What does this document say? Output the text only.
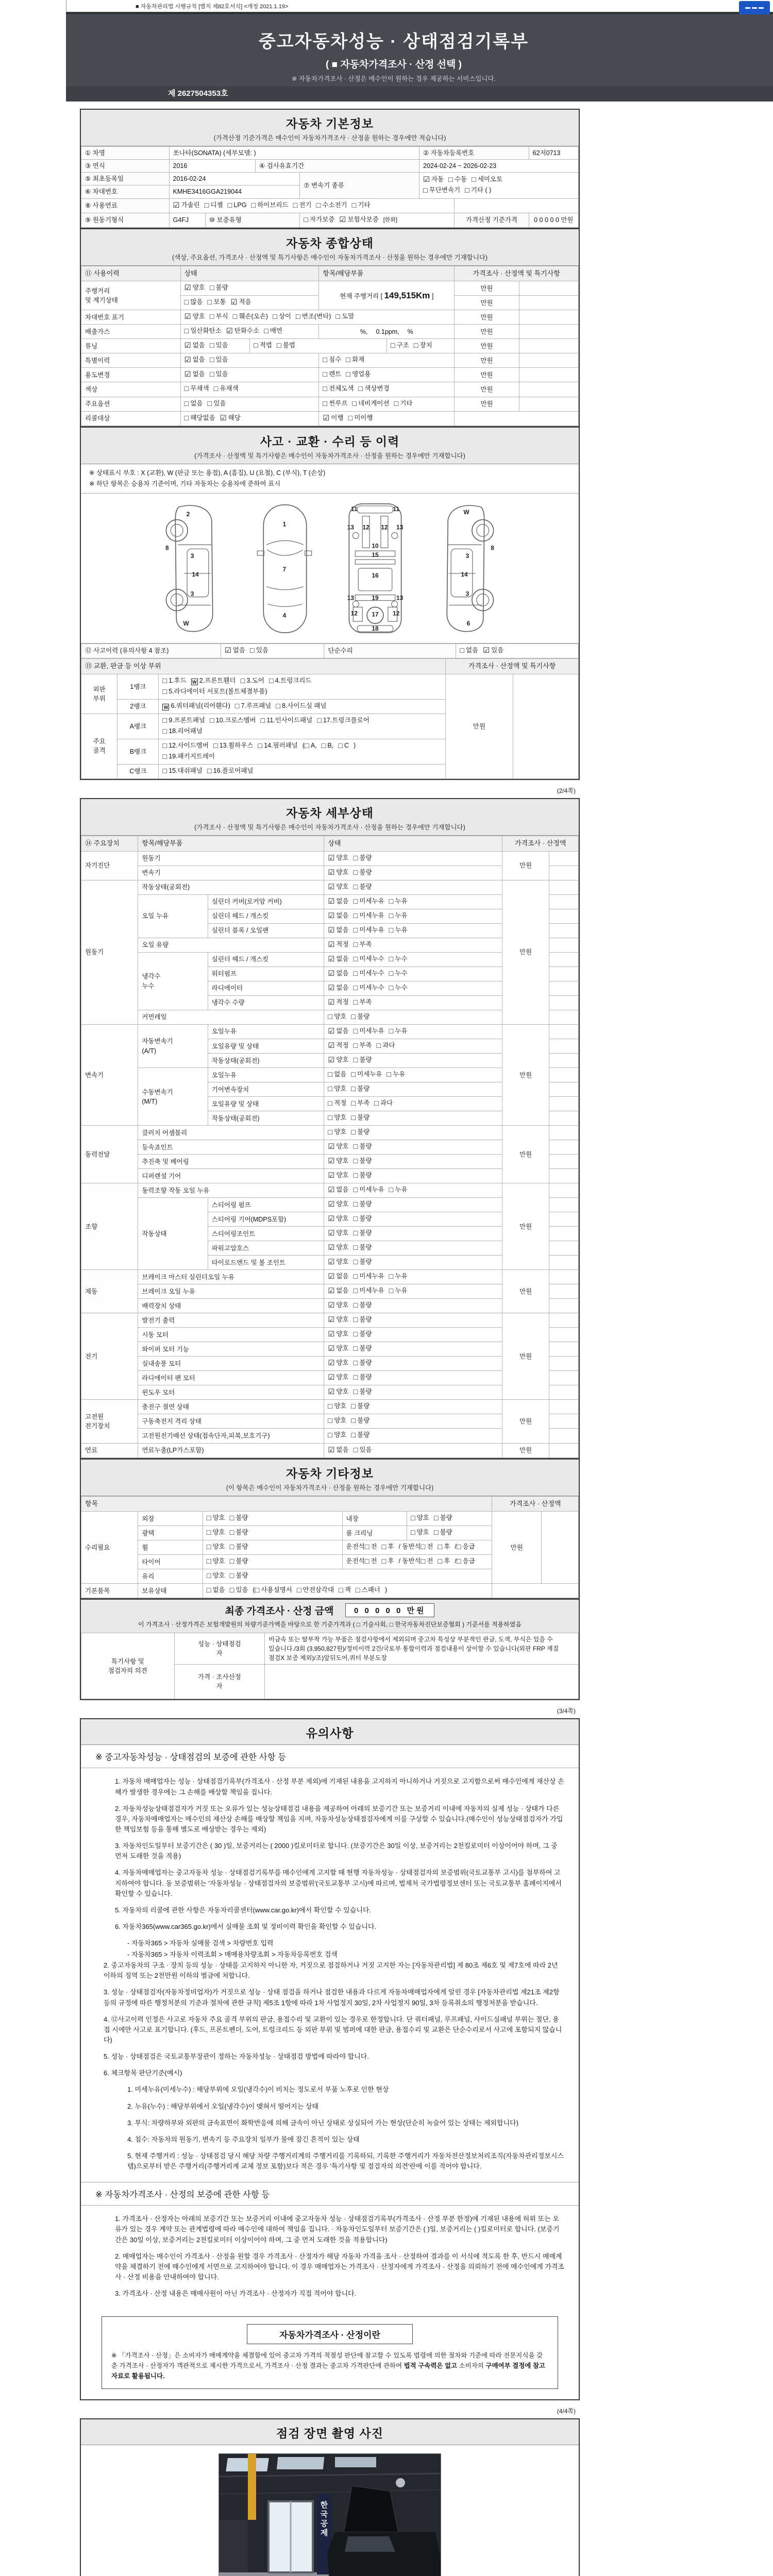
■ 자동차관리법 시행규칙 [별지 제82호서식] <개정 2021.1.19>
중고자동차성능 · 상태점검기록부
( ■ 자동차가격조사 · 산정 선택 )
※ 자동차가격조사 · 산정은 매수인이 원하는 경우 제공하는 서비스입니다.
제 2627504353호
자동차 기본정보
(가격산정 기준가격은 매수인이 자동차가격조사 · 산정을 원하는 경우에만 적습니다)
① 차명	쏘나타(SONATA) (세부모델: )				② 자동차등록번호		62저0713
③ 연식	2016		④ 검사유효기간		2024-02-24 ~ 2026-02-23		
⑤ 최초등록일	2016-02-24			⑦ 변속기 종류	☑ 자동 □ 수동 □ 세미오토
□ 무단변속기 □ 기타 ( )		
⑥ 차대번호	KMHE3416GGA219044						
⑧ 사용연료	☑ 가솔린 □ 디젤 □ LPG □ 하이브리드 □ 전기 □ 수소전기 □ 기타						
⑨ 원동기형식	G4FJ	⑩ 보증유형		□ 자가보증 ☑ 보험사보증 [한화]		가격산정 기준가격	0 0 0 0 0 만원
자동차 종합상태
(색상, 주요옵션, 가격조사 · 산정액 및 특기사항은 매수인이 자동차가격조사 · 산정을 원하는 경우에만 기재합니다)
⑪ 사용이력	상태		항목/해당부품		가격조사 · 산정액 및 특기사항	
주행거리
및 계기상태	☑ 양호 □ 불량		현재 주행거리 [ 149,515Km ]		만원	
	□ 많음 □ 보통 ☑ 적음				만원	
차대번호 표기	☑ 양호 □ 부식 □ 훼손(오손) □ 상이 □ 변조(변타) □ 도말				만원	
배출가스	□ 일산화탄소 ☑ 탄화수소 □ 매연		%,  0.1ppm,  %		만원	
튜닝	☑ 없음 □ 있음	□ 적법 □ 불법		□ 구조 □ 장치	만원	
특별이력	☑ 없음 □ 있음		□ 침수 □ 화재		만원	
용도변경	☑ 없음 □ 있음		□ 렌트 □ 영업용		만원	
색상	□ 무채색 □ 유채색		□ 전체도색 □ 색상변경		만원	
주요옵션	□ 없음 □ 있음		□ 썬루프 □ 네비게이션 □ 기타		만원	
리콜대상	□ 해당없음 ☑ 해당		☑ 이행 □ 미이행			
사고 · 교환 · 수리 등 이력
(가격조사 · 산정액 및 특기사항은 매수인이 자동차가격조사 · 산정을 원하는 경우에만 기재합니다)
※ 상태표시 부호 : X (교환), W (판금 또는 용접), A (흠집), U (요철), C (부식), T (손상)
※ 하단 항목은 승용차 기준이며, 기타 자동차는 승용차에 준하여 표시
2
8
3
14
3
W
1
7
4
11	11
13 12 12 13
10
15
16
13	19	13
12 17 12
18
W
3
8
14
3
6
⑫ 사고이력 (유의사항 4 참조)	☑ 없음 □ 있음	단순수리	□ 없음 ☑ 있음
⑬ 교환, 판금 등 이상 부위			가격조사 · 산정액 및 특기사항	
외판
부위	1랭크	□ 1.후드 W 2.프론트휀더 □ 3.도어 □ 4.트렁크리드
□ 5.라디에이터 서포트(볼트체결부품)	만원	
	2랭크	W 6.쿼터패널(리어휀다) □ 7.루프패널 □ 8.사이드실 패널		
주요
골격	A랭크	□ 9.프론트패널 □ 10.크로스멤버 □ 11.인사이드패널 □ 17.트렁크플로어
□ 18.리어패널		
	B랭크	□ 12.사이드멤버 □ 13.휠하우스 □ 14.필러패널 (□ A, □ B, □ C )
□ 19.패키지트레이		
	C랭크	□ 15.대쉬패널 □ 16.플로어패널		
(2/4쪽)
자동차 세부상태
(가격조사 · 산정액 및 특기사항은 매수인이 자동차가격조사 · 산정을 원하는 경우에만 기재합니다)
⑭ 주요장치	항목/해당부품		상태	가격조사 · 산정액	
자기진단	원동기		☑ 양호 □ 불량	만원	
	변속기		☑ 양호 □ 불량		
원동기	작동상태(공회전)		☑ 양호 □ 불량	만원	
	오일 누유	실린더 커버(로커암 커버)	☑ 없음 □ 미세누유 □ 누유		
		실린더 헤드 / 개스킷	☑ 없음 □ 미세누유 □ 누유		
		실린더 블록 / 오일팬	☑ 없음 □ 미세누유 □ 누유		
	오일 유량		☑ 적정 □ 부족		
	냉각수
누수	실린더 헤드 / 개스킷	☑ 없음 □ 미세누수 □ 누수		
		워터펌프	☑ 없음 □ 미세누수 □ 누수		
		라디에이터	☑ 없음 □ 미세누수 □ 누수		
		냉각수 수량	☑ 적정 □ 부족		
	커먼레일		□ 양호 □ 불량		
변속기	자동변속기
(A/T)	오일누유	☑ 없음 □ 미세누유 □ 누유	만원	
		오일유량 및 상태	☑ 적정 □ 부족 □ 과다		
		작동상태(공회전)	☑ 양호 □ 불량		
	수동변속기
(M/T)	오일누유	□ 없음 □ 미세누유 □ 누유		
		기어변속장치	□ 양호 □ 불량		
		오일유량 및 상태	□ 적정 □ 부족 □ 과다		
		작동상태(공회전)	□ 양호 □ 불량		
동력전달	클러치 어셈블리		□ 양호 □ 불량	만원	
	등속죠인트		☑ 양호 □ 불량		
	추진축 및 베어링		☑ 양호 □ 불량		
	디퍼렌셜 기어		☑ 양호 □ 불량		
조향	동력조향 작동 오일 누유		☑ 없음 □ 미세누유 □ 누유	만원	
	작동상태	스티어링 펌프	☑ 양호 □ 불량		
		스티어링 기어(MDPS포함)	☑ 양호 □ 불량		
		스티어링조인트	☑ 양호 □ 불량		
		파워고압호스	☑ 양호 □ 불량		
		타이로드엔드 및 볼 조인트	☑ 양호 □ 불량		
제동	브레이크 마스터 실린더오일 누유		☑ 없음 □ 미세누유 □ 누유	만원	
	브레이크 오일 누유		☑ 없음 □ 미세누유 □ 누유		
	배력장치 상태		☑ 양호 □ 불량		
전기	발전기 출력		☑ 양호 □ 불량	만원	
	시동 모터		☑ 양호 □ 불량		
	와이퍼 모터 기능		☑ 양호 □ 불량		
	실내송풍 모터		☑ 양호 □ 불량		
	라디에이터 팬 모터		☑ 양호 □ 불량		
	윈도우 모터		☑ 양호 □ 불량		
고전원
전기장치	충전구 절연 상태		□ 양호 □ 불량	만원	
	구동축전지 격리 상태		□ 양호 □ 불량		
	고전원전기배선 상태(접속단자,피복,보호기구)		□ 양호 □ 불량		
연료	연료누출(LP가스포함)		☑ 없음 □ 있음	만원	
자동차 기타정보
(이 항목은 매수인이 자동차가격조사 · 산정을 원하는 경우에만 기재합니다)
항목					가격조사 · 산정액	
수리필요	외장	□ 양호 □ 불량	내장	□ 양호 □ 불량	만원	
	광택	□ 양호 □ 불량	룸 크리닝	□ 양호 □ 불량		
	휠	□ 양호 □ 불량	운전석□ 전 □ 후 / 동반석□ 전 □ 후 /□ 응급			
	타이어	□ 양호 □ 불량	운전석□ 전 □ 후 / 동반석□ 전 □ 후 /□ 응급			
	유리	□ 양호 □ 불량				
기본품목	보유상태	□ 없음 □ 있음 (□ 사용설명서 □ 안전삼각대 □ 잭 □ 스패너 )				
최종 가격조사 · 산정 금액	0 0 0 0 0 만원
이 가격조사 · 산정가격은 보험개발원의 차량기준가액을 바탕으로 한 기준가격과 ( □ 기술사회, □ 한국자동차진단보증협회 ) 기준서를 적용하였음
특기사항 및
점검자의 의견	성능 · 상태점검
자	비금속 또는 탈부착 가능 부품은 점검사항에서 제외되며 중고차 특성상 부분적인 판금, 도색, 부식은 있을 수 있습니다./3회 (3,950,827원)/정비이력 2건/국토부 통합이력과 점검내용이 상이할 수 있습니다(외판 FRP 재질 점검X 보증 제외)/조)앞뒤도어,쿼터 부분도장
	가격 · 조사산정
자	
(3/4쪽)
유의사항
※ 중고자동차성능 · 상태점검의 보증에 관한 사항 등
1. 자동차 매매업자는 성능 · 상태점검기록부(가격조사 · 산정 부분 제외)에 기재된 내용을 고지하지 아니하거나 거짓으로 고지함으로써 매수인에게 재산상 손해가 발생한 경우에는 그 손해를 배상할 책임을 집니다.
2. 자동차성능상태점검자가 거짓 또는 오류가 있는 성능상태점검 내용을 제공하여 아래의 보증기간 또는 보증거리 이내에 자동차의 실제 성능 · 상태가 다른 경우, 자동차매매업자는 매수인의 재산상 손해를 배상할 책임을 지며, 자동차성능상태점검자에게 이를 구상할 수 있습니다.(매수인이 성능상태점검자가 가입한 책임보험 등을 통해 별도로 배상받는 경우는 제외)
3. 자동차인도일부터 보증기간은 ( 30 )일, 보증거리는 ( 2000 )킬로미터로 합니다. (보증기간은 30일 이상, 보증거리는 2천킬로미터 이상이어야 하며, 그 중 먼저 도래한 것을 적용)
4. 자동차매매업자는 중고자동차 성능 · 상태점검기록부를 매수인에게 고지할 때 현행 자동차성능 · 상태점검자의 보증범위(국토교통부 고시)를 첨부하여 고지하여야 합니다. 동 보증범위는 '자동차성능 · 상태점검자의 보증범위'(국토교통부 고시)에 따르며, 법제처 국가법령정보센터 또는 국토교통부 홈페이지에서 확인할 수 있습니다.
5. 자동차의 리콜에 관한 사항은 자동차리콜센터(www.car.go.kr)에서 확인할 수 있습니다.
6. 자동차365(www.car365.go.kr)에서 실매물 조회 및 정비이력 확인을 확인할 수 있습니다.
- 자동차365 > 자동차 실매물 검색 > 차량번호 입력
- 자동차365 > 자동차 이력조회 > 매매용차량조회 > 자동차등록번호 검색
2. 중고자동차의 구조 · 장치 등의 성능 · 상태를 고지하지 아니한 자, 거짓으로 점검하거나 거짓 고지한 자는 [자동차관리법] 제 80조 제6호 및 제7호에 따라 2년 이하의 징역 또는 2천만원 이하의 벌금에 처합니다.
3. 성능 · 상태점검자(자동차정비업자)가 거짓으로 성능 · 상태 점검을 하거나 점검한 내용과 다르게 자동차매매업자에게 알린 경우 [자동차관리법 제21조 제2항 등의 규정에 따른 행정처분의 기준과 절차에 관한 규칙] 제5조 1항에 따라 1차 사업정지 30일, 2차 사업정지 90일, 3차 등록취소의 행정처분을 받습니다.
4. ⑫사고이력 인정은 사고로 자동차 주요 골격 부위의 판금, 용접수리 및 교환이 있는 경우로 한정합니다. 단 쿼터패널, 루프패널, 사이드실패널 부위는 절단, 용접 시에만 사고로 표기합니다. (후드, 프론트펜더, 도어, 트렁크리드 등 외판 부위 및 범퍼에 대한 판금, 용접수리 및 교환은 단순수리로서 사고에 포함되지 않습니다)
5. 성능 · 상태점검은 국토교통부장관이 정하는 자동차성능 · 상태점검 방법에 따라야 합니다.
6. 체크항목 판단기준(예시)
1. 미세누유(미세누수) : 해당부위에 오일(냉각수)이 비치는 정도로서 부품 노후로 인한 현상
2. 누유(누수) : 해당부위에서 오일(냉각수)이 맺혀서 떨어지는 상태
3. 부식: 차량하부와 외판의 금속표면이 화학반응에 의해 금속이 아닌 상태로 상실되어 가는 현상(단순히 녹슬어 있는 상태는 제외합니다)
4. 침수: 자동차의 원동기, 변속기 등 주요장치 일부가 물에 잠긴 흔적이 있는 상태
5. 현재 주행거리 : 성능 · 상태점검 당시 해당 차량 주행거리계의 주행거리를 기록하되, 기록한 주행거리가 자동차전산정보처리조직(자동차관리정보시스템)으로부터 받은 주행거리(주행거리계 교체 정보 포함)보다 적은 경우 '특기사항 및 점검자의 의견'란에 이를 적어야 합니다.
※ 자동차가격조사 · 산정의 보증에 관한 사항 등
1. 가격조사 · 산정자는 아래의 보증기간 또는 보증거리 이내에 중고자동차 성능 · 상태점검기록부(가격조사 · 산정 부분 한정)에 기재된 내용에 허위 또는 오류가 있는 경우 계약 또는 관계법령에 따라 매수인에 대하여 책임을 집니다. · 자동차인도일부터 보증기간은 ( )일, 보증거리는 ( )킬로미터로 합니다. (보증기간은 30일 이상, 보증거리는 2천킬로미터 이상이어야 하며, 그 중 먼저 도래한 것을 적용합니다)
2. 매매업자는 매수인이 가격조사 · 산정을 원할 경우 가격조사 · 산정자가 해당 자동차 가격을 조사 · 산정하여 결과를 이 서식에 적도록 한 후, 반드시 매매계약을 체결하기 전에 매수인에게 서면으로 고지하여야 합니다. 이 경우 매매업자는 가격조사 · 산정자에게 가격조사 · 산정을 의뢰하기 전에 매수인에게 가격조사 · 산정 비용을 안내하여야 합니다.
3. 가격조사 · 산정 내용은 매매사원이 아닌 가격조사 · 산정자가 직접 적어야 합니다.
자동차가격조사 · 산정이란
※ 「가격조사 · 산정」은 소비자가 매매계약을 체결함에 있어 중고차 가격의 적절성 판단에 참고할 수 있도록 법령에 의한 절차와 기준에 따라 전문지식을 갖춘 가격조사 · 산정자가 객관적으로 제시한 가격으로서, 가격조사 · 산정 결과는 중고차 가격판단에 관하여 법적 구속력은 없고 소비자의 구매여부 결정에 참고자료로 활용됩니다.
(4/4쪽)
점검 장면 촬영 사진
한 국 공 제
